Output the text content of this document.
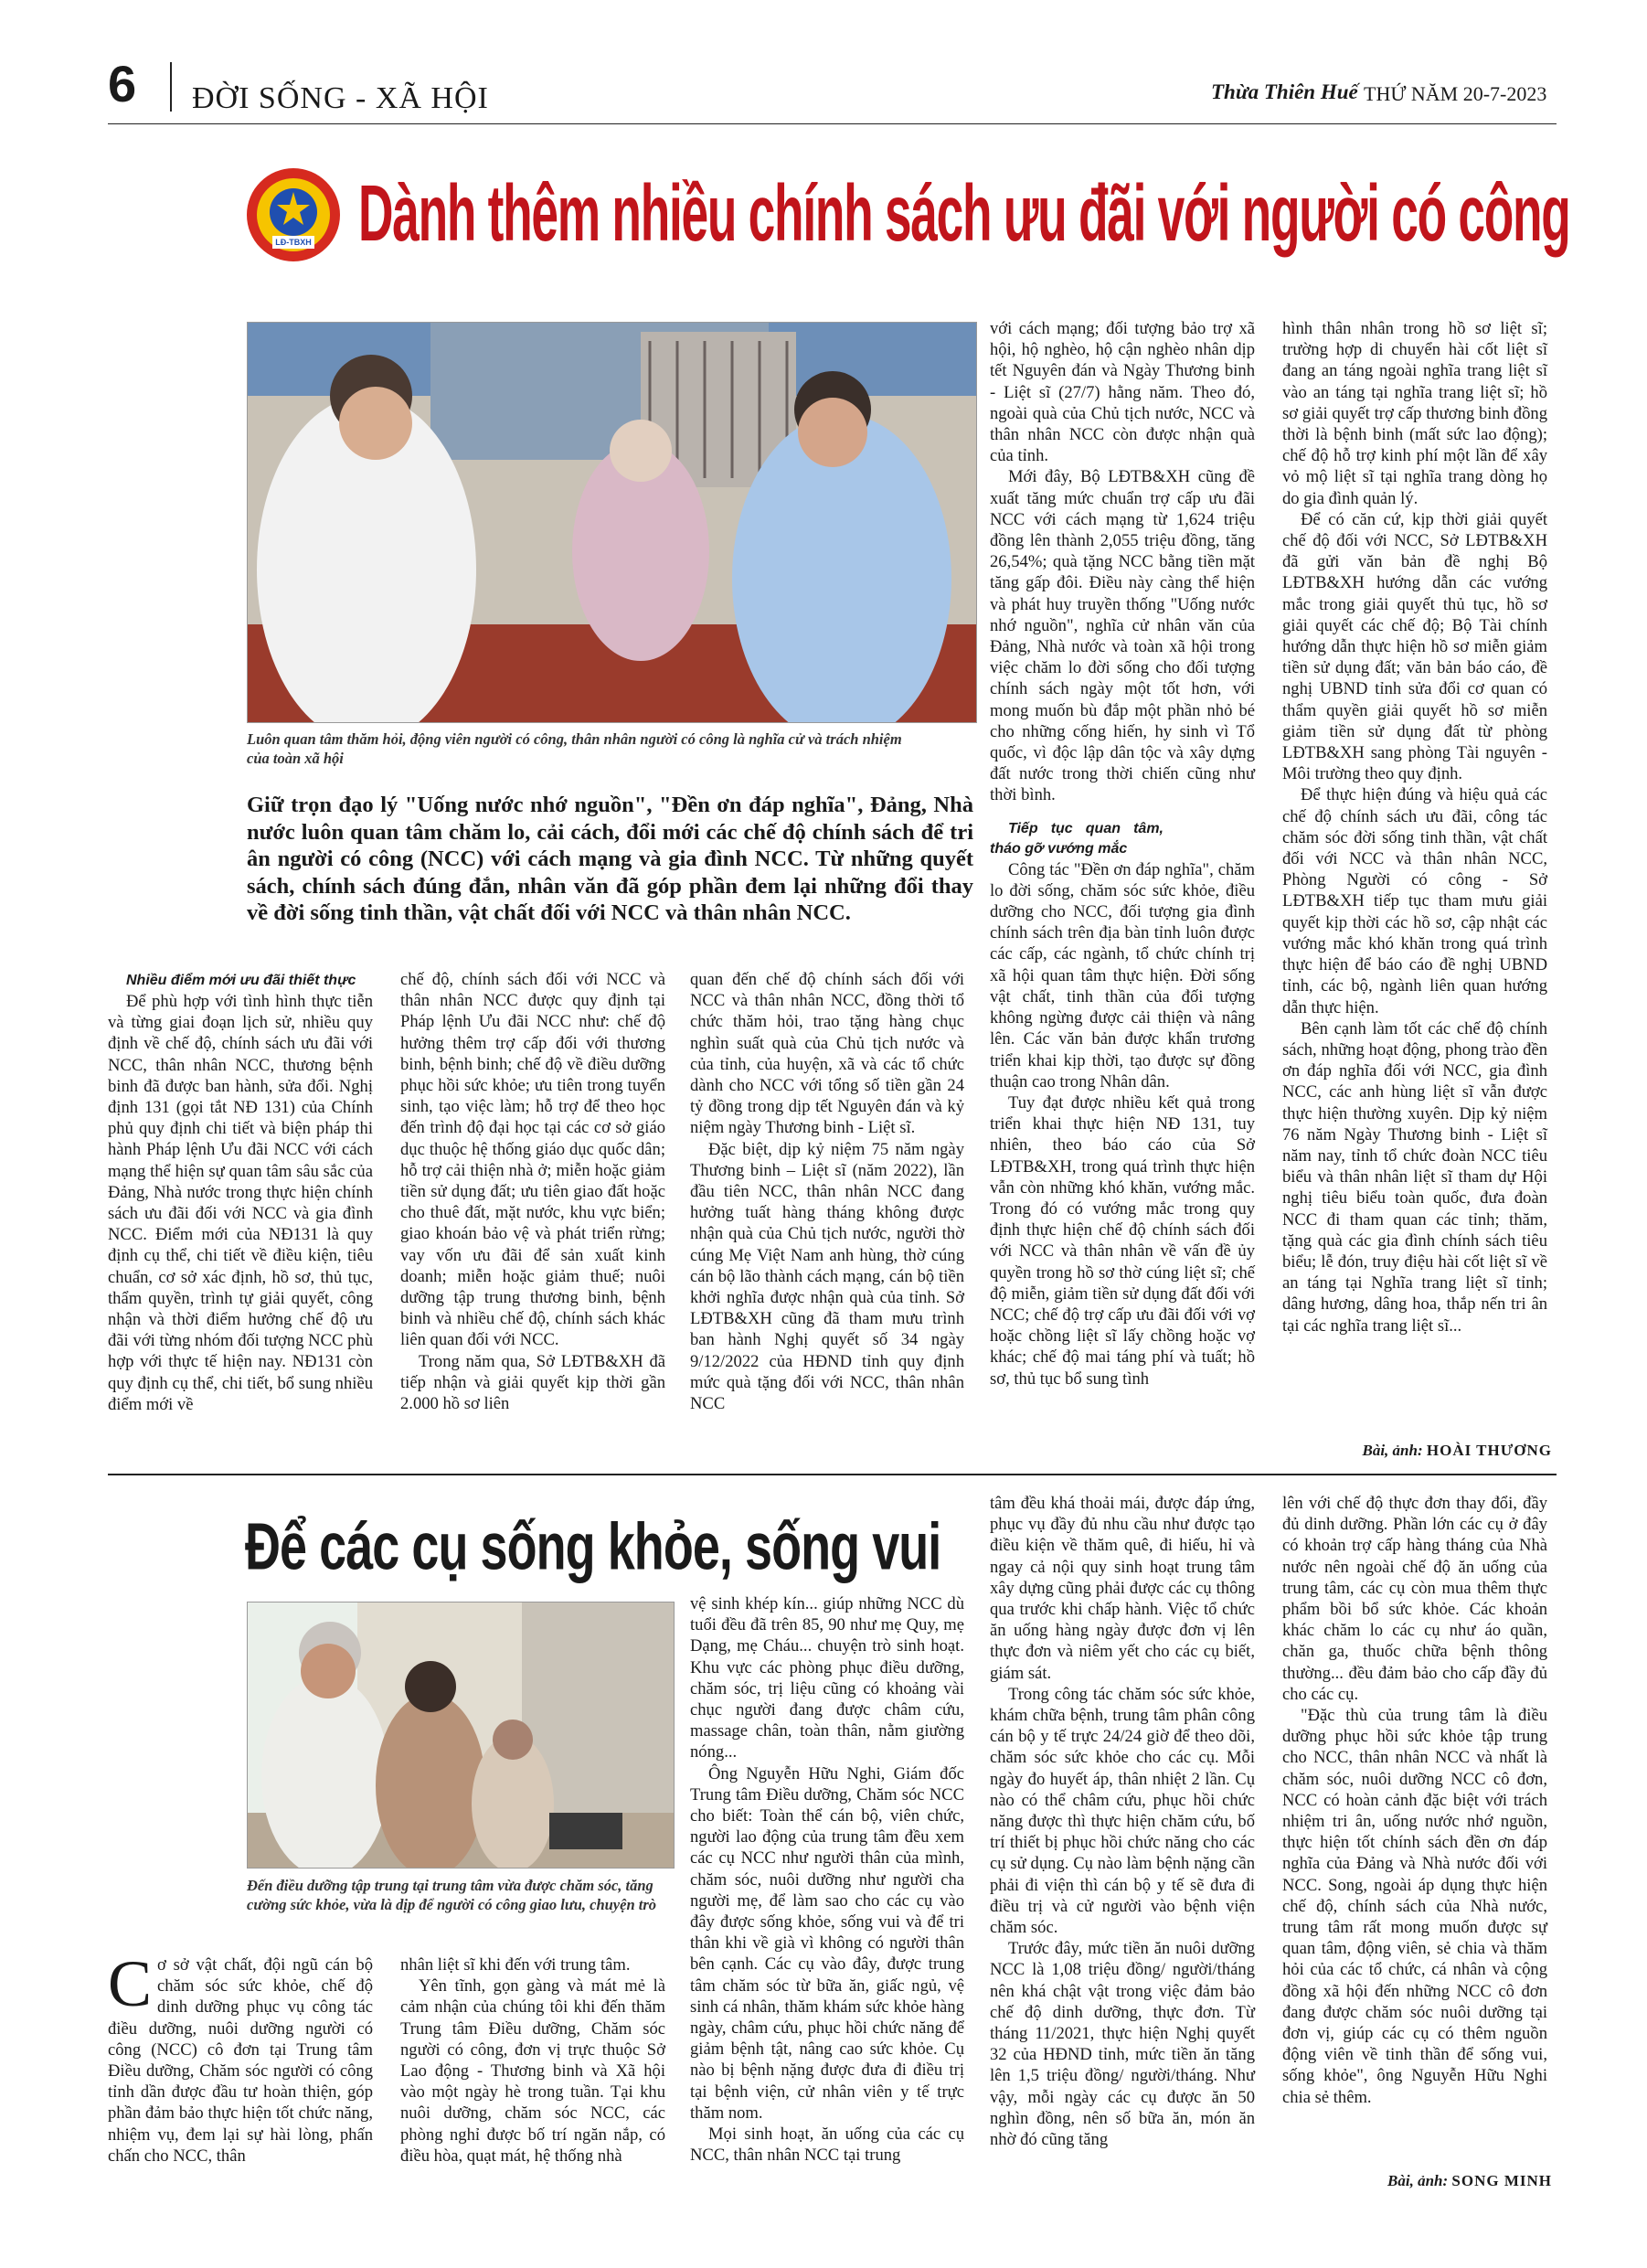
6 ĐỜI SỐNG - XÃ HỘI	Thừa Thiên Huế THỨ NĂM 20-7-2023
LĐ-TBXH Dành thêm nhiều chính sách ưu đãi với người có công
Luôn quan tâm thăm hỏi, động viên người có công, thân nhân người có công là nghĩa cử và trách nhiệm của toàn xã hội
Giữ trọn đạo lý "Uống nước nhớ nguồn", "Đền ơn đáp nghĩa", Đảng, Nhà nước luôn quan tâm chăm lo, cải cách, đổi mới các chế độ chính sách để tri ân người có công (NCC) với cách mạng và gia đình NCC. Từ những quyết sách, chính sách đúng đắn, nhân văn đã góp phần đem lại những đổi thay về đời sống tinh thần, vật chất đối với NCC và thân nhân NCC.

Nhiều điểm mới ưu đãi thiết thực

Để phù hợp với tình hình thực tiễn và từng giai đoạn lịch sử, nhiều quy định về chế độ, chính sách ưu đãi với NCC, thân nhân NCC, thương bệnh binh đã được ban hành, sửa đổi. Nghị định 131 (gọi tắt NĐ 131) của Chính phủ quy định chi tiết và biện pháp thi hành Pháp lệnh Ưu đãi NCC với cách mạng thể hiện sự quan tâm sâu sắc của Đảng, Nhà nước trong thực hiện chính sách ưu đãi đối với NCC và gia đình NCC. Điểm mới của NĐ131 là quy định cụ thể, chi tiết về điều kiện, tiêu chuẩn, cơ sở xác định, hồ sơ, thủ tục, thẩm quyền, trình tự giải quyết, công nhận và thời điểm hưởng chế độ ưu đãi với từng nhóm đối tượng NCC phù hợp với thực tế hiện nay. NĐ131 còn quy định cụ thể, chi tiết, bổ sung nhiều điểm mới về

chế độ, chính sách đối với NCC và thân nhân NCC được quy định tại Pháp lệnh Ưu đãi NCC như: chế độ hưởng thêm trợ cấp đối với thương binh, bệnh binh; chế độ về điều dưỡng phục hồi sức khỏe; ưu tiên trong tuyển sinh, tạo việc làm; hỗ trợ để theo học đến trình độ đại học tại các cơ sở giáo dục thuộc hệ thống giáo dục quốc dân; hỗ trợ cải thiện nhà ở; miễn hoặc giảm tiền sử dụng đất; ưu tiên giao đất hoặc cho thuê đất, mặt nước, khu vực biển; giao khoán bảo vệ và phát triển rừng; vay vốn ưu đãi để sản xuất kinh doanh; miễn hoặc giảm thuế; nuôi dưỡng tập trung thương binh, bệnh binh và nhiều chế độ, chính sách khác liên quan đối với NCC.

Trong năm qua, Sở LĐTB&XH đã tiếp nhận và giải quyết kịp thời gần 2.000 hồ sơ liên

quan đến chế độ chính sách đối với NCC và thân nhân NCC, đồng thời tổ chức thăm hỏi, trao tặng hàng chục nghìn suất quà của Chủ tịch nước và của tỉnh, của huyện, xã và các tổ chức dành cho NCC với tổng số tiền gần 24 tỷ đồng trong dịp tết Nguyên đán và kỷ niệm ngày Thương binh - Liệt sĩ.

Đặc biệt, dịp kỷ niệm 75 năm ngày Thương binh – Liệt sĩ (năm 2022), lần đầu tiên NCC, thân nhân NCC đang hưởng tuất hàng tháng không được nhận quà của Chủ tịch nước, người thờ cúng Mẹ Việt Nam anh hùng, thờ cúng cán bộ lão thành cách mạng, cán bộ tiền khởi nghĩa được nhận quà của tỉnh. Sở LĐTB&XH cũng đã tham mưu trình ban hành Nghị quyết số 34 ngày 9/12/2022 của HĐND tỉnh quy định mức quà tặng đối với NCC, thân nhân NCC

với cách mạng; đối tượng bảo trợ xã hội, hộ nghèo, hộ cận nghèo nhân dịp tết Nguyên đán và Ngày Thương binh - Liệt sĩ (27/7) hằng năm. Theo đó, ngoài quà của Chủ tịch nước, NCC và thân nhân NCC còn được nhận quà của tỉnh.

Mới đây, Bộ LĐTB&XH cũng đề xuất tăng mức chuẩn trợ cấp ưu đãi NCC với cách mạng từ 1,624 triệu đồng lên thành 2,055 triệu đồng, tăng 26,54%; quà tặng NCC bằng tiền mặt tăng gấp đôi. Điều này càng thể hiện và phát huy truyền thống "Uống nước nhớ nguồn", nghĩa cử nhân văn của Đảng, Nhà nước và toàn xã hội trong việc chăm lo đời sống cho đối tượng chính sách ngày một tốt hơn, với mong muốn bù đắp một phần nhỏ bé cho những cống hiến, hy sinh vì Tổ quốc, vì độc lập dân tộc và xây dựng đất nước trong thời chiến cũng như thời bình.

Tiếp tục quan tâm, tháo gỡ vướng mắc

Công tác "Đền ơn đáp nghĩa", chăm lo đời sống, chăm sóc sức khỏe, điều dưỡng cho NCC, đối tượng gia đình chính sách trên địa bàn tỉnh luôn được các cấp, các ngành, tổ chức chính trị xã hội quan tâm thực hiện. Đời sống vật chất, tinh thần của đối tượng không ngừng được cải thiện và nâng lên. Các văn bản được khẩn trương triển khai kịp thời, tạo được sự đồng thuận cao trong Nhân dân.

Tuy đạt được nhiều kết quả trong triển khai thực hiện NĐ 131, tuy nhiên, theo báo cáo của Sở LĐTB&XH, trong quá trình thực hiện vẫn còn những khó khăn, vướng mắc. Trong đó có vướng mắc trong quy định thực hiện chế độ chính sách đối với NCC và thân nhân về vấn đề ủy quyền trong hồ sơ thờ cúng liệt sĩ; chế độ miễn, giảm tiền sử dụng đất đối với NCC; chế độ trợ cấp ưu đãi đối với vợ hoặc chồng liệt sĩ lấy chồng hoặc vợ khác; chế độ mai táng phí và tuất; hồ sơ, thủ tục bổ sung tình

hình thân nhân trong hồ sơ liệt sĩ; trường hợp di chuyển hài cốt liệt sĩ đang an táng ngoài nghĩa trang liệt sĩ vào an táng tại nghĩa trang liệt sĩ; hồ sơ giải quyết trợ cấp thương binh đồng thời là bệnh binh (mất sức lao động); chế độ hỗ trợ kinh phí một lần để xây vỏ mộ liệt sĩ tại nghĩa trang dòng họ do gia đình quản lý.

Để có căn cứ, kịp thời giải quyết chế độ đối với NCC, Sở LĐTB&XH đã gửi văn bản đề nghị Bộ LĐTB&XH hướng dẫn các vướng mắc trong giải quyết thủ tục, hồ sơ giải quyết các chế độ; Bộ Tài chính hướng dẫn thực hiện hồ sơ miễn giảm tiền sử dụng đất; văn bản báo cáo, đề nghị UBND tỉnh sửa đổi cơ quan có thẩm quyền giải quyết hồ sơ miễn giảm tiền sử dụng đất từ phòng LĐTB&XH sang phòng Tài nguyên - Môi trường theo quy định.

Để thực hiện đúng và hiệu quả các chế độ chính sách ưu đãi, công tác chăm sóc đời sống tinh thần, vật chất đối với NCC và thân nhân NCC, Phòng Người có công - Sở LĐTB&XH tiếp tục tham mưu giải quyết kịp thời các hồ sơ, cập nhật các vướng mắc khó khăn trong quá trình thực hiện để báo cáo đề nghị UBND tỉnh, các bộ, ngành liên quan hướng dẫn thực hiện.

Bên cạnh làm tốt các chế độ chính sách, những hoạt động, phong trào đền ơn đáp nghĩa đối với NCC, gia đình NCC, các anh hùng liệt sĩ vẫn được thực hiện thường xuyên. Dịp kỷ niệm 76 năm Ngày Thương binh - Liệt sĩ năm nay, tỉnh tổ chức đoàn NCC tiêu biểu và thân nhân liệt sĩ tham dự Hội nghị tiêu biểu toàn quốc, đưa đoàn NCC đi tham quan các tỉnh; thăm, tặng quà các gia đình chính sách tiêu biểu; lễ đón, truy điệu hài cốt liệt sĩ về an táng tại Nghĩa trang liệt sĩ tỉnh; dâng hương, dâng hoa, thắp nến tri ân tại các nghĩa trang liệt sĩ...

Bài, ảnh: HOÀI THƯƠNG
Để các cụ sống khỏe, sống vui
Đến điều dưỡng tập trung tại trung tâm vừa được chăm sóc, tăng cường sức khỏe, vừa là dịp để người có công giao lưu, chuyện trò

C ơ sở vật chất, đội ngũ cán bộ chăm sóc sức khỏe, chế độ dinh dưỡng phục vụ công tác điều dưỡng, nuôi dưỡng người có công (NCC) cô đơn tại Trung tâm Điều dưỡng, Chăm sóc người có công tỉnh dần được đầu tư hoàn thiện, góp phần đảm bảo thực hiện tốt chức năng, nhiệm vụ, đem lại sự hài lòng, phấn chấn cho NCC, thân

nhân liệt sĩ khi đến với trung tâm.

Yên tĩnh, gọn gàng và mát mẻ là cảm nhận của chúng tôi khi đến thăm Trung tâm Điều dưỡng, Chăm sóc người có công, đơn vị trực thuộc Sở Lao động - Thương binh và Xã hội vào một ngày hè trong tuần. Tại khu nuôi dưỡng, chăm sóc NCC, các phòng nghỉ được bố trí ngăn nắp, có điều hòa, quạt mát, hệ thống nhà

vệ sinh khép kín... giúp những NCC dù tuổi đều đã trên 85, 90 như mẹ Quy, mẹ Dạng, mẹ Cháu... chuyện trò sinh hoạt. Khu vực các phòng phục điều dưỡng, chăm sóc, trị liệu cũng có khoảng vài chục người đang được châm cứu, massage chân, toàn thân, nằm giường nóng...

Ông Nguyễn Hữu Nghi, Giám đốc Trung tâm Điều dưỡng, Chăm sóc NCC cho biết: Toàn thể cán bộ, viên chức, người lao động của trung tâm đều xem các cụ NCC như người thân của mình, chăm sóc, nuôi dưỡng như người cha người mẹ, để làm sao cho các cụ vào đây được sống khỏe, sống vui và để tri thân khi về già vì không có người thân bên cạnh. Các cụ vào đây, được trung tâm chăm sóc từ bữa ăn, giấc ngủ, vệ sinh cá nhân, thăm khám sức khỏe hàng ngày, châm cứu, phục hồi chức năng để giảm bệnh tật, nâng cao sức khỏe. Cụ nào bị bệnh nặng được đưa đi điều trị tại bệnh viện, cử nhân viên y tế trực thăm nom.

Mọi sinh hoạt, ăn uống của các cụ NCC, thân nhân NCC tại trung

tâm đều khá thoải mái, được đáp ứng, phục vụ đầy đủ nhu cầu như được tạo điều kiện về thăm quê, đi hiếu, hỉ và ngay cả nội quy sinh hoạt trung tâm xây dựng cũng phải được các cụ thông qua trước khi chấp hành. Việc tổ chức ăn uống hàng ngày được đơn vị lên thực đơn và niêm yết cho các cụ biết, giám sát.

Trong công tác chăm sóc sức khỏe, khám chữa bệnh, trung tâm phân công cán bộ y tế trực 24/24 giờ để theo dõi, chăm sóc sức khỏe cho các cụ. Mỗi ngày đo huyết áp, thân nhiệt 2 lần. Cụ nào có thể châm cứu, phục hồi chức năng được thì thực hiện chăm cứu, bố trí thiết bị phục hồi chức năng cho các cụ sử dụng. Cụ nào làm bệnh nặng cần phải đi viện thì cán bộ y tế sẽ đưa đi điều trị và cử người vào bệnh viện chăm sóc.

Trước đây, mức tiền ăn nuôi dưỡng NCC là 1,08 triệu đồng/ người/tháng nên khá chật vật trong việc đảm bảo chế độ dinh dưỡng, thực đơn. Từ tháng 11/2021, thực hiện Nghị quyết 32 của HĐND tỉnh, mức tiền ăn tăng lên 1,5 triệu đồng/ người/tháng. Như vậy, mỗi ngày các cụ được ăn 50 nghìn đồng, nên số bữa ăn, món ăn nhờ đó cũng tăng

lên với chế độ thực đơn thay đổi, đầy đủ dinh dưỡng. Phần lớn các cụ ở đây có khoản trợ cấp hàng tháng của Nhà nước nên ngoài chế độ ăn uống của trung tâm, các cụ còn mua thêm thực phẩm bồi bổ sức khỏe. Các khoản khác chăm lo các cụ như áo quần, chăn ga, thuốc chữa bệnh thông thường... đều đảm bảo cho cấp đầy đủ cho các cụ.

"Đặc thù của trung tâm là điều dưỡng phục hồi sức khỏe tập trung cho NCC, thân nhân NCC và nhất là chăm sóc, nuôi dưỡng NCC cô đơn, NCC có hoàn cảnh đặc biệt với trách nhiệm tri ân, uống nước nhớ nguồn, thực hiện tốt chính sách đền ơn đáp nghĩa của Đảng và Nhà nước đối với NCC. Song, ngoài áp dụng thực hiện chế độ, chính sách của Nhà nước, trung tâm rất mong muốn được sự quan tâm, động viên, sẻ chia và thăm hỏi của các tổ chức, cá nhân và cộng đồng xã hội đến những NCC cô đơn đang được chăm sóc nuôi dưỡng tại đơn vị, giúp các cụ có thêm nguồn động viên về tinh thần để sống vui, sống khỏe", ông Nguyễn Hữu Nghi chia sẻ thêm.

Bài, ảnh: SONG MINH
